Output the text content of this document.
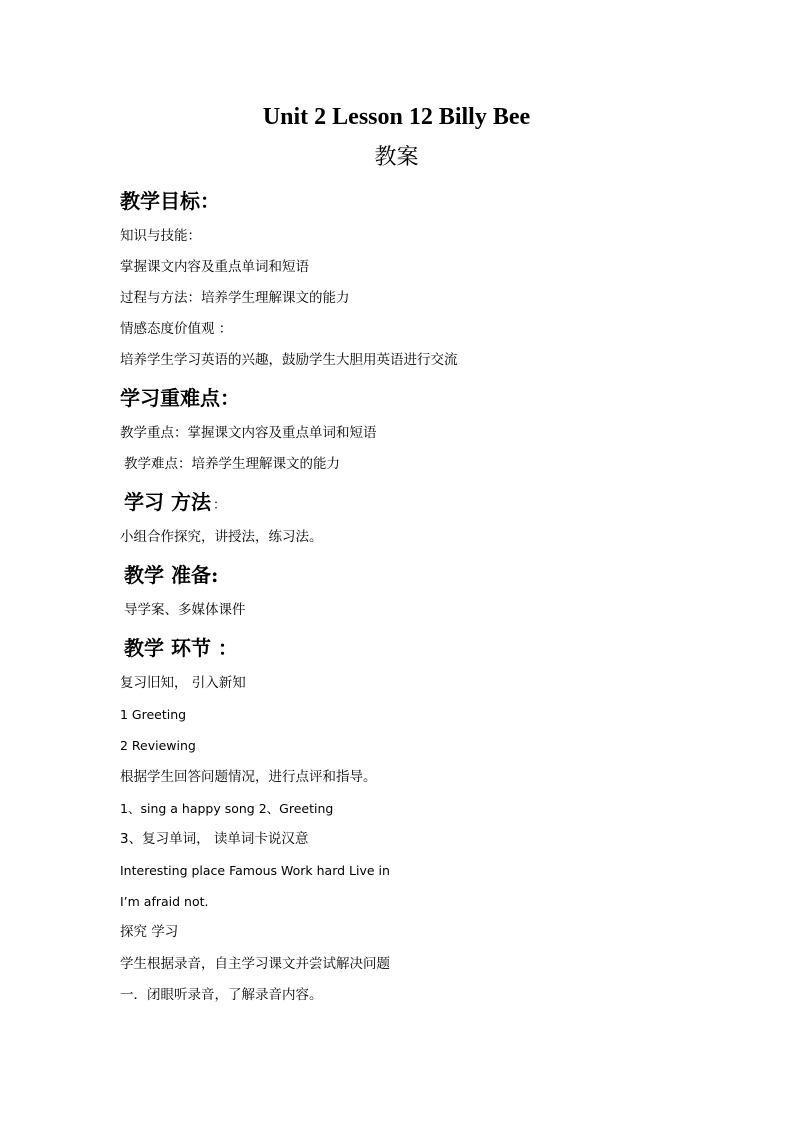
Unit 2 Lesson 12 Billy Bee
教案
教学目标：
知识与技能：
掌握课文内容及重点单词和短语
过程与方法：培养学生理解课文的能力
情感态度价值观 ：
培养学生学习英语的兴趣，鼓励学生大胆用英语进行交流
学习重难点：
教学重点：掌握课文内容及重点单词和短语
教学难点：培养学生理解课文的能力
学习 方法 ：
小组合作探究，讲授法，练习法。
教学 准备:
导学案、多媒体课件
教学 环节 ：
复习旧知， 引入新知
1 Greeting
2 Reviewing
根据学生回答问题情况，进行点评和指导。
1、sing a happy song 2、Greeting
3、复习单词， 读单词卡说汉意
Interesting place Famous Work hard Live in
I’m afraid not.
探究 学习
学生根据录音，自主学习课文并尝试解决问题
一．闭眼听录音，了解录音内容。
